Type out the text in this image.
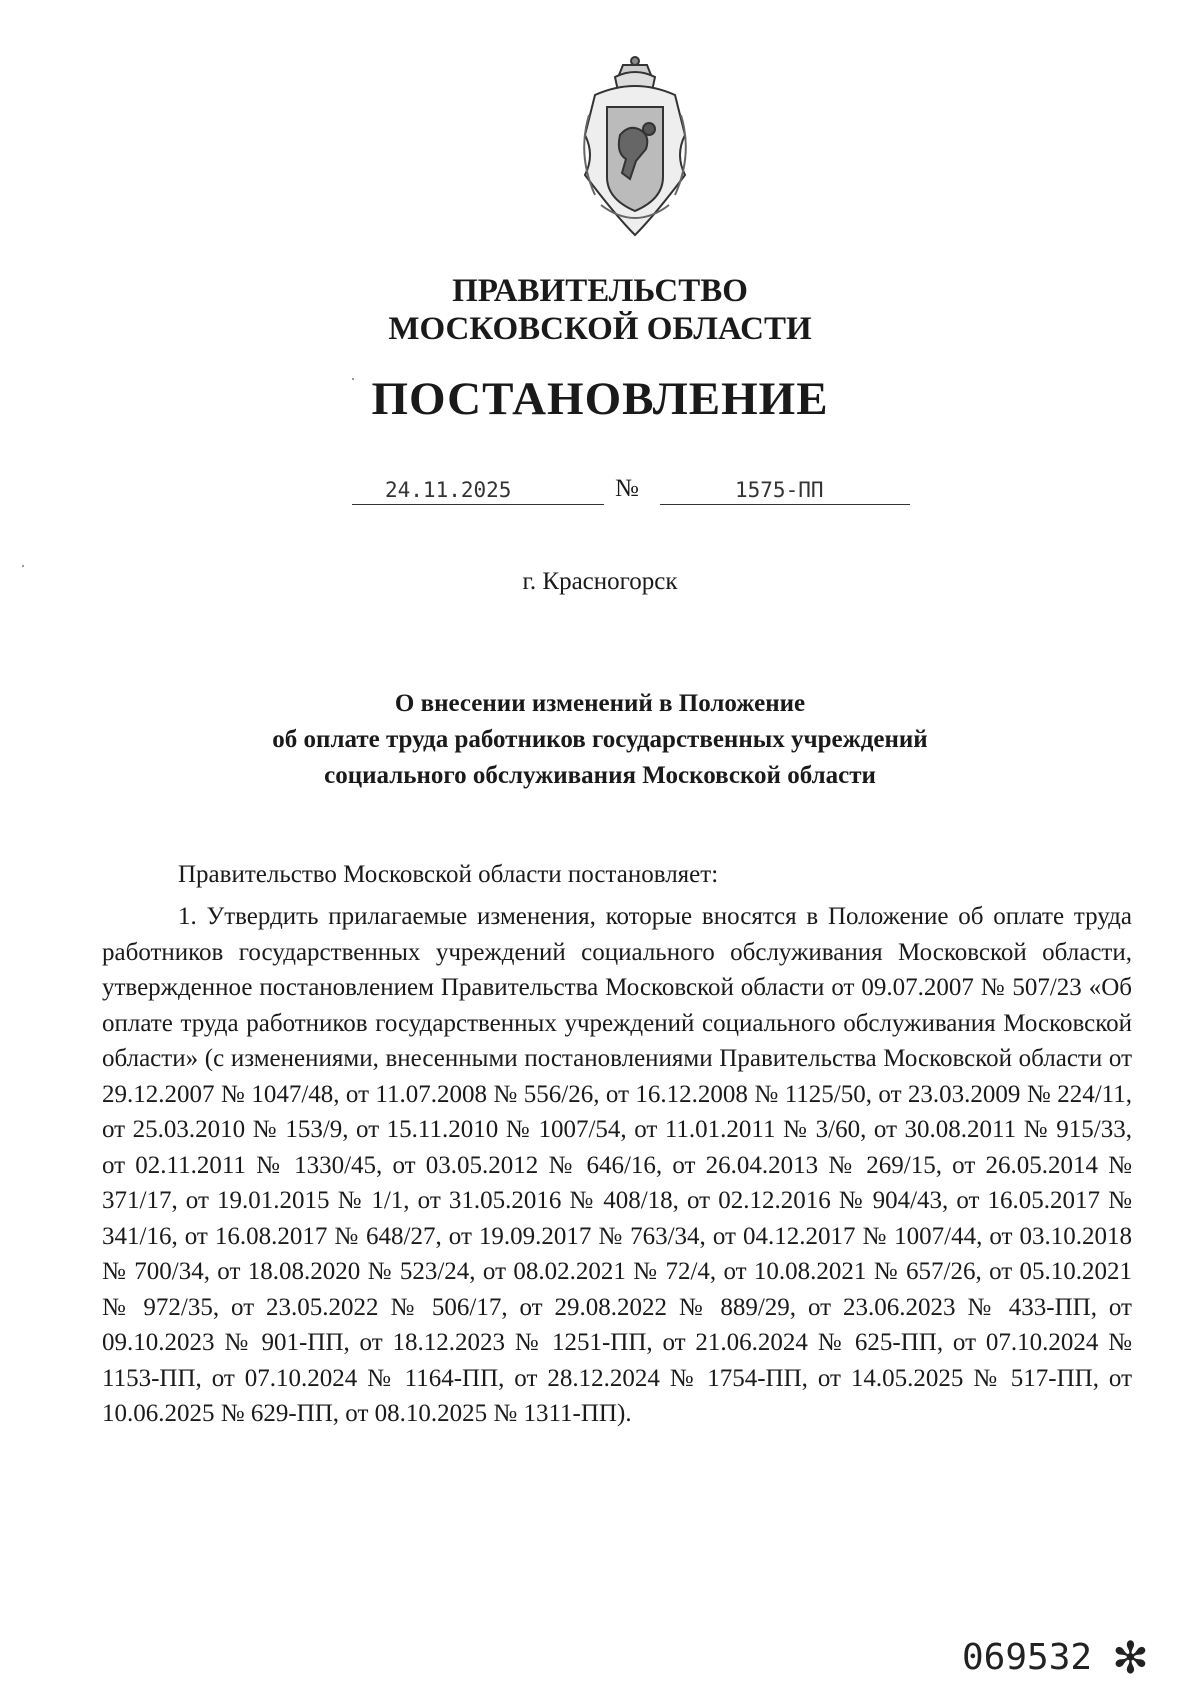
ПРАВИТЕЛЬСТВО
МОСКОВСКОЙ ОБЛАСТИ
ПОСТАНОВЛЕНИЕ
24.11.2025	№	1575-ПП
г. Красногорск
О внесении изменений в Положение
об оплате труда работников государственных учреждений
социального обслуживания Московской области
Правительство Московской области постановляет:
1. Утвердить прилагаемые изменения, которые вносятся в Положение об оплате труда работников государственных учреждений социального обслуживания Московской области, утвержденное постановлением Правительства Московской области от 09.07.2007 № 507/23 «Об оплате труда работников государственных учреждений социального обслуживания Московской области» (с изменениями, внесенными постановлениями Правительства Московской области от 29.12.2007 № 1047/48, от 11.07.2008 № 556/26, от 16.12.2008 № 1125/50, от 23.03.2009 № 224/11, от 25.03.2010 № 153/9, от 15.11.2010 № 1007/54, от 11.01.2011 № 3/60, от 30.08.2011 № 915/33, от 02.11.2011 № 1330/45, от 03.05.2012 № 646/16, от 26.04.2013 № 269/15, от 26.05.2014 № 371/17, от 19.01.2015 № 1/1, от 31.05.2016 № 408/18, от 02.12.2016 № 904/43, от 16.05.2017 № 341/16, от 16.08.2017 № 648/27, от 19.09.2017 № 763/34, от 04.12.2017 № 1007/44, от 03.10.2018 № 700/34, от 18.08.2020 № 523/24, от 08.02.2021 № 72/4, от 10.08.2021 № 657/26, от 05.10.2021 № 972/35, от 23.05.2022 № 506/17, от 29.08.2022 № 889/29, от 23.06.2023 № 433-ПП, от 09.10.2023 № 901-ПП, от 18.12.2023 № 1251-ПП, от 21.06.2024 № 625-ПП, от 07.10.2024 № 1153-ПП, от 07.10.2024 № 1164-ПП, от 28.12.2024 № 1754-ПП, от 14.05.2025 № 517-ПП, от 10.06.2025 № 629-ПП, от 08.10.2025 № 1311-ПП).
069532 ✻
